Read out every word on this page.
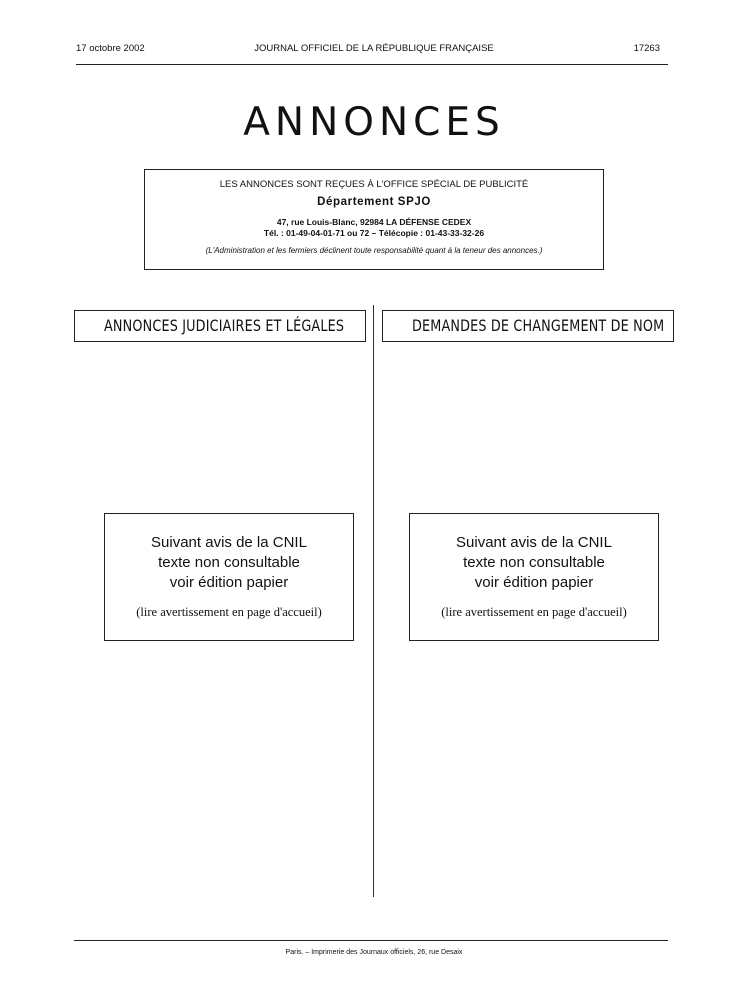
17 octobre 2002	JOURNAL OFFICIEL DE LA RÉPUBLIQUE FRANÇAISE	17263
ANNONCES
LES ANNONCES SONT REÇUES À L'OFFICE SPÉCIAL DE PUBLICITÉ
Département SPJO
47, rue Louis-Blanc, 92984 LA DÉFENSE CEDEX
Tél. : 01-49-04-01-71 ou 72 – Télécopie : 01-43-33-32-26
(L'Administration et les fermiers déclinent toute responsabilité quant à la teneur des annonces.)
ANNONCES JUDICIAIRES ET LÉGALES	DEMANDES DE CHANGEMENT DE NOM
Suivant avis de la CNIL
texte non consultable
voir édition papier
(lire avertissement en page d'accueil)
Suivant avis de la CNIL
texte non consultable
voir édition papier
(lire avertissement en page d'accueil)
Paris. – Imprimerie des Journaux officiels, 26, rue Desaix
